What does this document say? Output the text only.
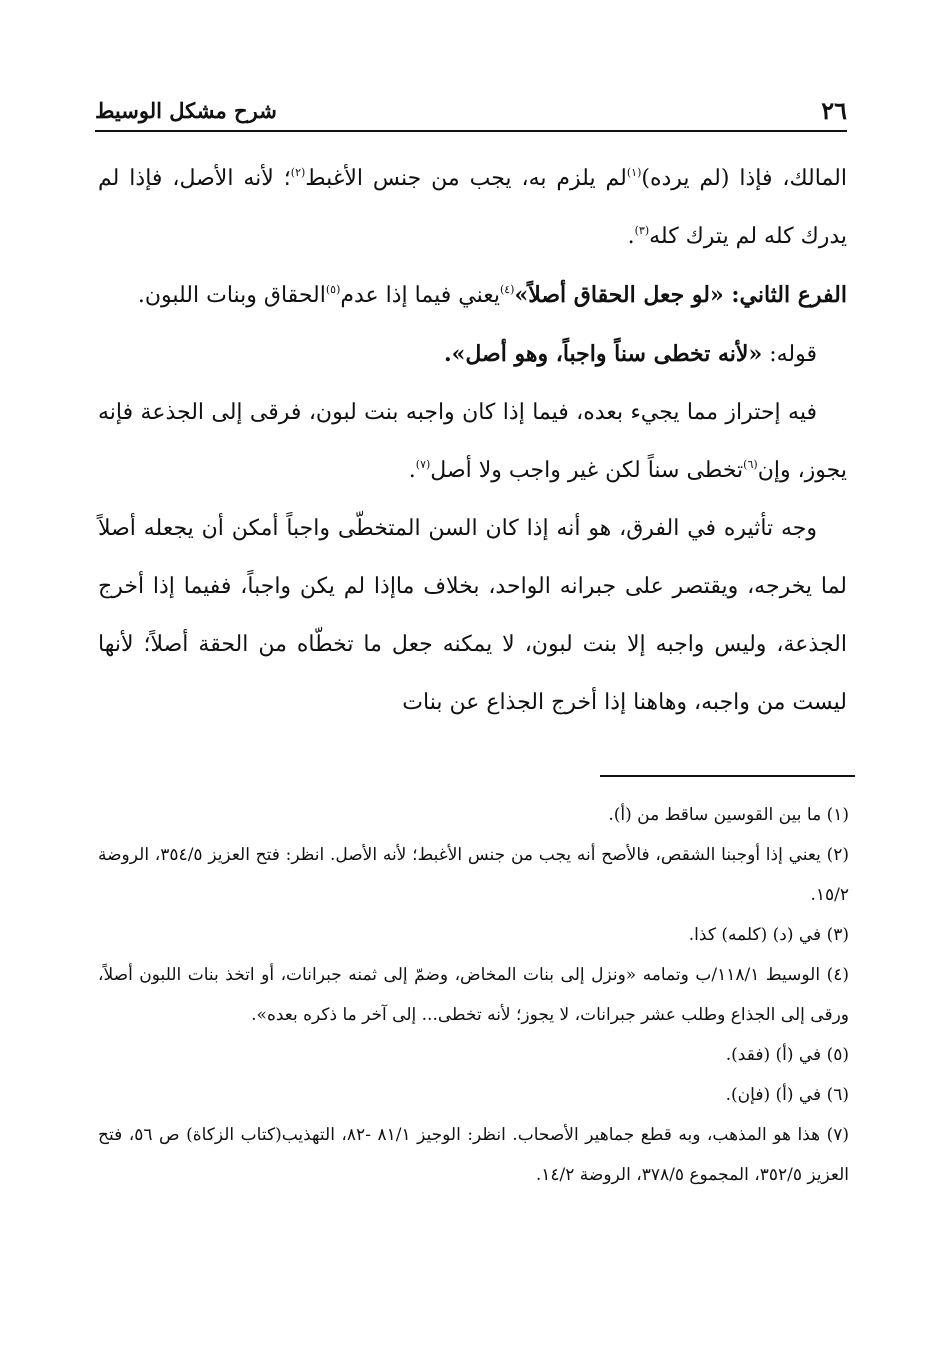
٢٦
شرح مشكل الوسيط

المالك، فإذا (لم يرده)$^{(١)}$لم يلزم به، يجب من جنس الأغبط$^{(٢)}$؛ لأنه الأصل، فإذا لم يدرك كله لم يترك كله$^{(٣)}$.

الفرع الثاني: «لو جعل الحقاق أصلاً»$^{(٤)}$يعني فيما إذا عدم$^{(٥)}$الحقاق وبنات اللبون.

قوله: «لأنه تخطى سناً واجباً، وهو أصل».

فيه إحتراز مما يجيء بعده، فيما إذا كان واجبه بنت لبون، فرقى إلى الجذعة فإنه يجوز، وإن$^{(٦)}$تخطى سناً لكن غير واجب ولا أصل$^{(٧)}$.

وجه تأثيره في الفرق، هو أنه إذا كان السن المتخطّى واجباً أمكن أن يجعله أصلاً لما يخرجه، ويقتصر على جبرانه الواحد، بخلاف ماإذا لم يكن واجباً، ففيما إذا أخرج الجذعة، وليس واجبه إلا بنت لبون، لا يمكنه جعل ما تخطّاه من الحقة أصلاً؛ لأنها ليست من واجبه، وهاهنا إذا أخرج الجذاع عن بنات

(١) ما بين القوسين ساقط من (أ).

(٢) يعني إذا أوجبنا الشقص، فالأصح أنه يجب من جنس الأغبط؛ لأنه الأصل. انظر: فتح العزيز ٣٥٤/٥، الروضة ١٥/٢.

(٣) في (د) (كلمه) كذا.

(٤) الوسيط ١١٨/١/ب وتمامه «ونزل إلى بنات المخاض، وضمّ إلى ثمنه جبرانات، أو اتخذ بنات اللبون أصلاً، ورقى إلى الجذاع وطلب عشر جبرانات، لا يجوز؛ لأنه تخطى... إلى آخر ما ذكره بعده».

(٥) في (أ) (فقد).

(٦) في (أ) (فإن).

(٧) هذا هو المذهب، وبه قطع جماهير الأصحاب. انظر: الوجيز ٨١/١ -٨٢، التهذيب(كتاب الزكاة) ص ٥٦، فتح العزيز ٣٥٢/٥، المجموع ٣٧٨/٥، الروضة ١٤/٢.
